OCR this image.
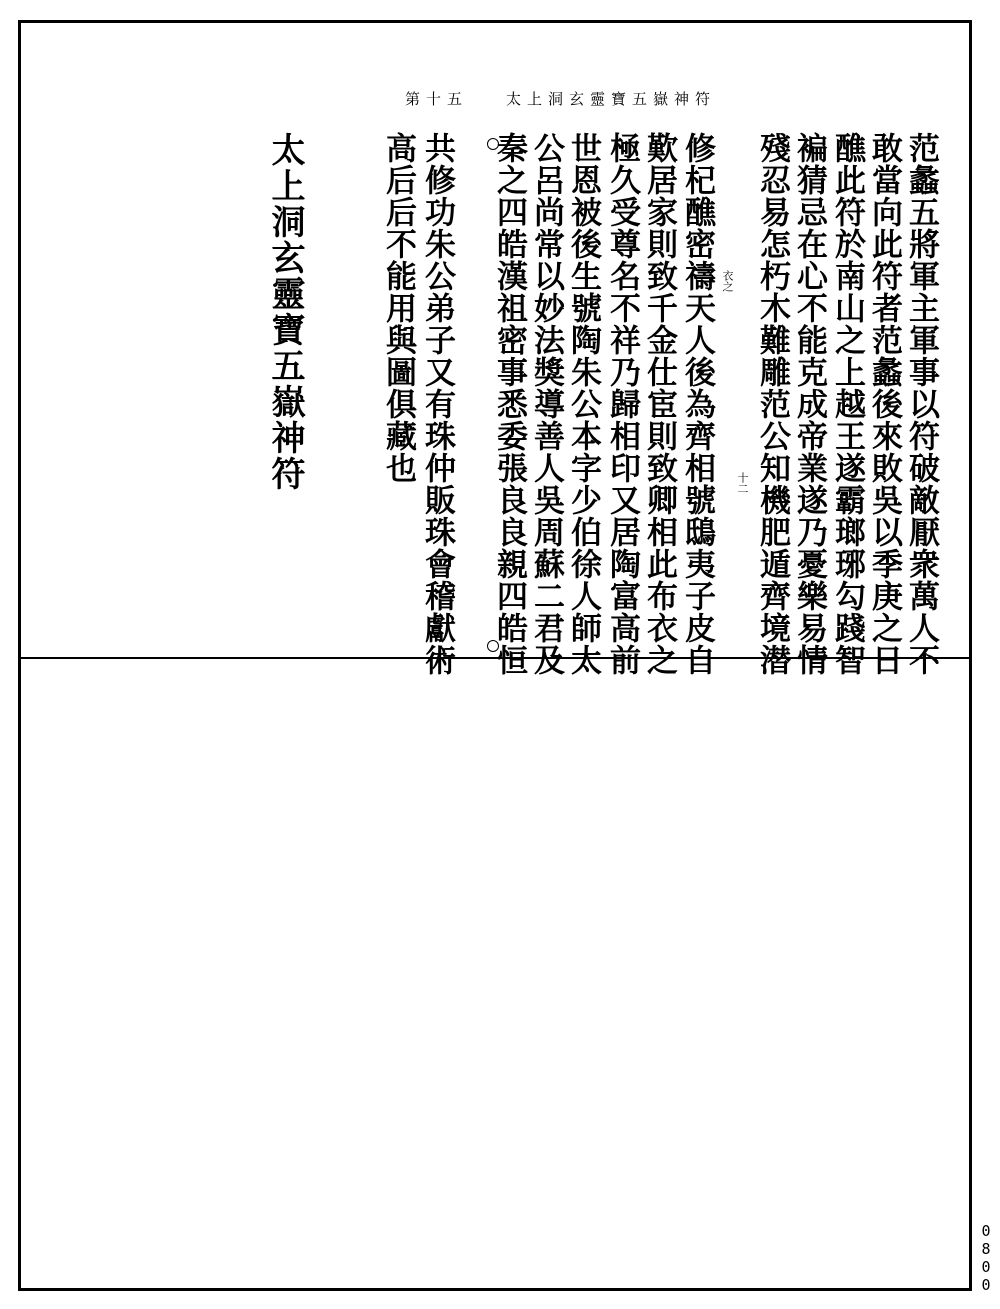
太上洞玄靈寶五嶽神符
第十五
范蠡五將軍主軍事以符破敵厭衆萬人不
敢當向此符者范蠡後來敗吳以季庚之日
醮此符於南山之上越王遂霸瑯琊勾踐智
褊猜忌在心不能克成帝業遂乃憂樂易情
殘忍易怎朽木難雕范公知機肥遁齊境潜
修杞醮密禱天人後為齊相號鴟夷子皮自
歎居家則致千金仕宦則致卿相此布衣之
極久受尊名不祥乃歸相印又居陶富高前
世恩被後生號陶朱公本字少伯徐人師太
公呂尚常以妙法獎導善人吳周蘇二君及
秦之四皓漢祖密事悉委張良良親四皓恒
共修功朱公弟子又有珠仲販珠會稽獻術
高后后不能用與圖俱藏也
太上洞玄靈寶五嶽神符	衣之
十二
0800
